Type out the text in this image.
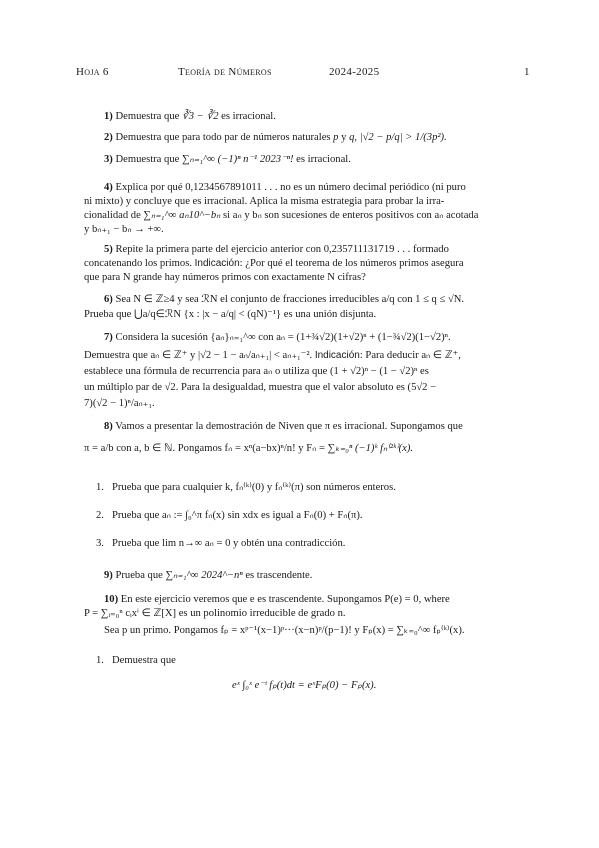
Hoja 6	Teoría de Números	2024-2025	1
1) Demuestra que ∛3 − ∛2 es irracional.
2) Demuestra que para todo par de números naturales p y q, |√2 − p/q| > 1/(3p²).
3) Demuestra que ∑ₙ₌₁^∞ (−1)ⁿ n⁻¹ 2023⁻ⁿ! es irracional.
4) Explica por qué 0,1234567891011 . . . no es un número decimal periódico (ni puro
ni mixto) y concluye que es irracional. Aplica la misma estrategia para probar la irra-
cionalidad de ∑ₙ₌₁^∞ aₙ10^−bₙ si aₙ y bₙ son sucesiones de enteros positivos con aₙ acotada
y bₙ₊₁ − bₙ → +∞.
5) Repite la primera parte del ejercicio anterior con 0,235711131719 . . . formado
concatenando los primos. Indicación: ¿Por qué el teorema de los números primos asegura
que para N grande hay números primos con exactamente N cifras?
6) Sea N ∈ ℤ≥4 y sea ℛN el conjunto de fracciones irreducibles a/q con 1 ≤ q ≤ √N.
Prueba que ⋃a/q∈ℛN {x : |x − a/q| < (qN)⁻¹} es una unión disjunta.
7) Considera la sucesión {aₙ}ₙ₌₁^∞ con aₙ = (1+¾√2)(1+√2)ⁿ + (1−¾√2)(1−√2)ⁿ.
Demuestra que aₙ ∈ ℤ⁺ y |√2 − 1 − aₙ/aₙ₊₁| < aₙ₊₁⁻². Indicación: Para deducir aₙ ∈ ℤ⁺,
establece una fórmula de recurrencia para aₙ o utiliza que (1 + √2)ⁿ − (1 − √2)ⁿ es
un múltiplo par de √2. Para la desigualdad, muestra que el valor absoluto es (5√2 −
7)(√2 − 1)ⁿ/aₙ₊₁.
8) Vamos a presentar la demostración de Niven que π es irracional. Supongamos que
π = a/b con a, b ∈ ℕ. Pongamos fₙ = xⁿ(a−bx)ⁿ/n! y Fₙ = ∑ₖ₌₀ⁿ (−1)ᵏ fₙ⁽²ᵏ⁾(x).
1. Prueba que para cualquier k, fₙ⁽ᵏ⁾(0) y fₙ⁽ᵏ⁾(π) son números enteros.
2. Prueba que aₙ := ∫₀^π fₙ(x) sin xdx es igual a Fₙ(0) + Fₙ(π).
3. Prueba que lim n→∞ aₙ = 0 y obtén una contradicción.
9) Prueba que ∑ₙ₌₁^∞ 2024^−nⁿ es trascendente.
10) En este ejercicio veremos que e es trascendente. Supongamos P(e) = 0, where
P = ∑ᵢ₌₀ⁿ cᵢxⁱ ∈ ℤ[X] es un polinomio irreducible de grado n.
Sea p un primo. Pongamos fₚ = xᵖ⁻¹(x−1)ᵖ···(x−n)ᵖ/(p−1)! y Fₚ(x) = ∑ₖ₌₀^∞ fₚ⁽ᵏ⁾(x).
1. Demuestra que
eˣ ∫₀ˣ e⁻ᵗ fₚ(t)dt = eˣFₚ(0) − Fₚ(x).
